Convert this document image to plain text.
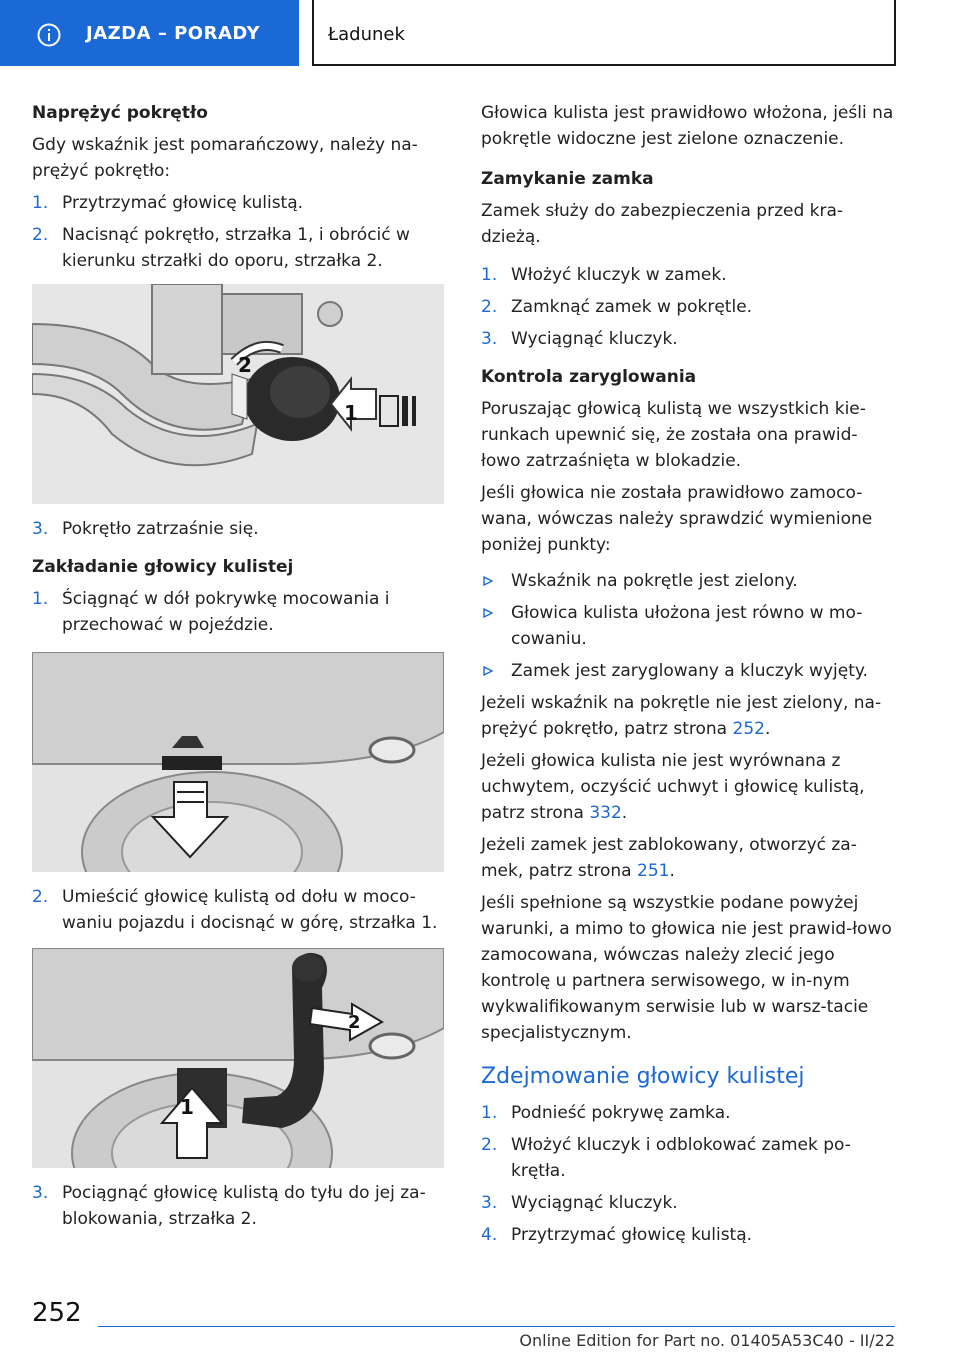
JAZDA – PORADY	Ładunek
Naprężyć pokrętło
Gdy wskaźnik jest pomarańczowy, należy na-prężyć pokrętło:
1. Przytrzymać głowicę kulistą.
2. Nacisnąć pokrętło, strzałka 1, i obrócić w kierunku strzałki do oporu, strzałka 2.
1
2
3. Pokrętło zatrzaśnie się.
Zakładanie głowicy kulistej
1. Ściągnąć w dół pokrywkę mocowania i przechować w pojeździe.
2. Umieścić głowicę kulistą od dołu w moco-waniu pojazdu i docisnąć w górę, strzałka 1.
1
2
3. Pociągnąć głowicę kulistą do tyłu do jej za-blokowania, strzałka 2.
Głowica kulista jest prawidłowo włożona, jeśli na pokrętle widoczne jest zielone oznaczenie.
Zamykanie zamka
Zamek służy do zabezpieczenia przed kra-dzieżą.
1. Włożyć kluczyk w zamek.
2. Zamknąć zamek w pokrętle.
3. Wyciągnąć kluczyk.
Kontrola zaryglowania
Poruszając głowicą kulistą we wszystkich kie-runkach upewnić się, że została ona prawid-łowo zatrzaśnięta w blokadzie.
Jeśli głowica nie została prawidłowo zamoco-wana, wówczas należy sprawdzić wymienione poniżej punkty:
Wskaźnik na pokrętle jest zielony.
Głowica kulista ułożona jest równo w mo-cowaniu.
Zamek jest zaryglowany a kluczyk wyjęty.
Jeżeli wskaźnik na pokrętle nie jest zielony, na-prężyć pokrętło, patrz strona 252.
Jeżeli głowica kulista nie jest wyrównana z uchwytem, oczyścić uchwyt i głowicę kulistą, patrz strona 332.
Jeżeli zamek jest zablokowany, otworzyć za-mek, patrz strona 251.
Jeśli spełnione są wszystkie podane powyżej warunki, a mimo to głowica nie jest prawid-łowo zamocowana, wówczas należy zlecić jego kontrolę u partnera serwisowego, w in-nym wykwalifikowanym serwisie lub w warsz-tacie specjalistycznym.
Zdejmowanie głowicy kulistej
1. Podnieść pokrywę zamka.
2. Włożyć kluczyk i odblokować zamek po-krętła.
3. Wyciągnąć kluczyk.
4. Przytrzymać głowicę kulistą.
252
Online Edition for Part no. 01405A53C40 - II/22
